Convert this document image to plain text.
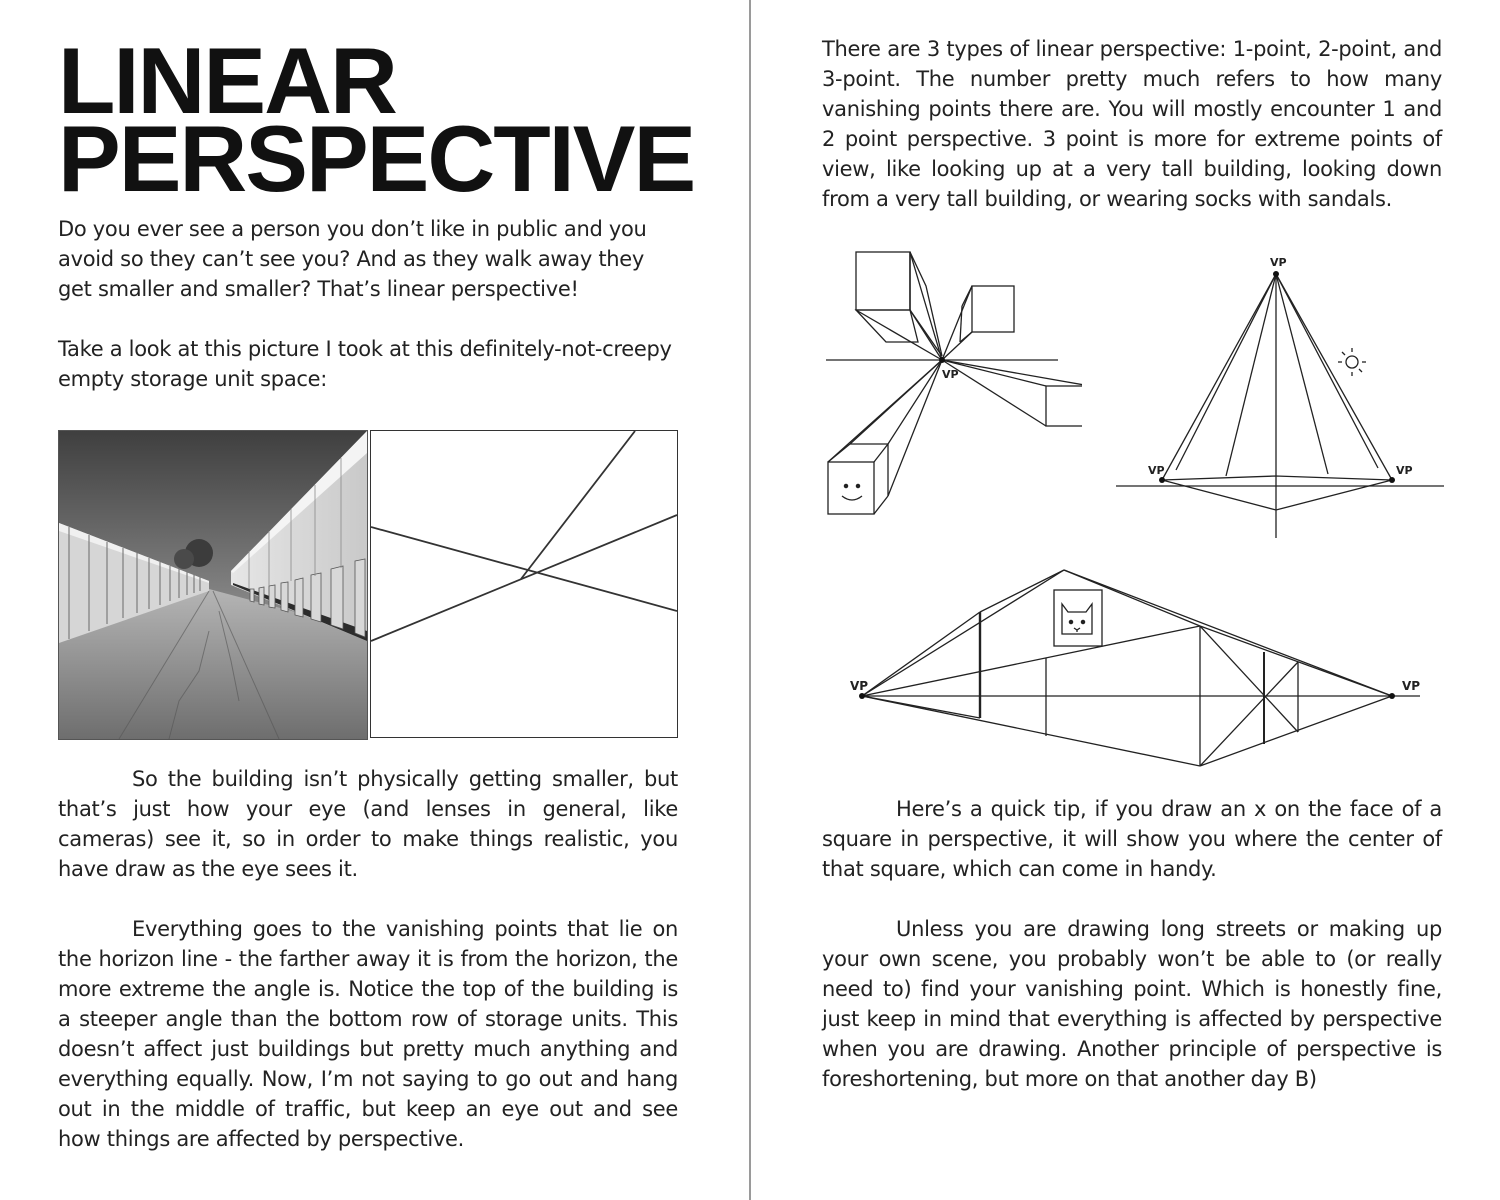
LINEAR
PERSPECTIVE

Do you ever see a person you don’t like in public and you avoid so they can’t see you? And as they walk away they get smaller and smaller? That’s linear perspective!

Take a look at this picture I took at this definitely-not-creepy empty storage unit space:

So the building isn’t physically getting smaller, but that’s just how your eye (and lenses in general, like cameras) see it, so in order to make things realistic, you have draw as the eye sees it.

Everything goes to the vanishing points that lie on the horizon line - the farther away it is from the horizon, the more extreme the angle is. Notice the top of the building is a steeper angle than the bottom row of storage units. This doesn’t affect just buildings but pretty much anything and everything equally. Now, I’m not saying to go out and hang out in the middle of traffic, but keep an eye out and see how things are affected by perspective.

There are 3 types of linear perspective: 1-point, 2-point, and 3-point. The number pretty much refers to how many vanishing points there are. You will mostly encounter 1 and 2 point perspective. 3 point is more for extreme points of view, like looking up at a very tall building, looking down from a very tall building, or wearing socks with sandals.

VP
VP
VP	VP
VP	VP

Here’s a quick tip, if you draw an x on the face of a square in perspective, it will show you where the center of that square, which can come in handy.

Unless you are drawing long streets or making up your own scene, you probably won’t be able to (or really need to) find your vanishing point. Which is honestly fine, just keep in mind that everything is affected by perspective when you are drawing. Another principle of perspective is foreshortening, but more on that another day B)
